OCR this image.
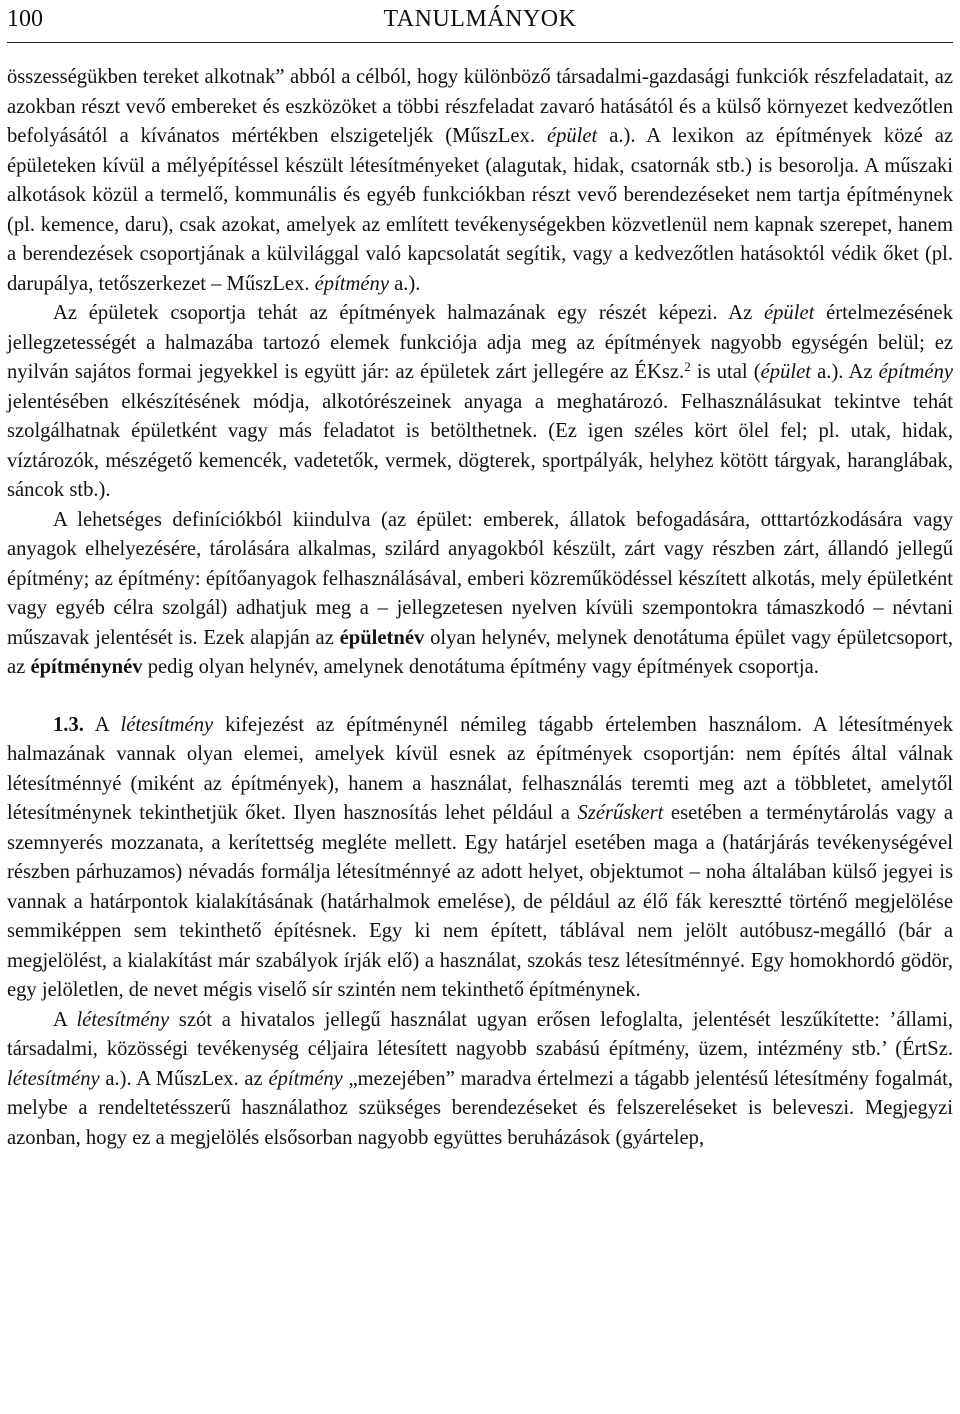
100	TANULMÁNYOK

összességükben tereket alkotnak” abból a célból, hogy különböző társadalmi-gazdasági funkciók részfeladatait, az azokban részt vevő embereket és eszközöket a többi részfeladat zavaró hatásától és a külső környezet kedvezőtlen befolyásától a kívánatos mértékben elszigeteljék (MűszLex. épület a.). A lexikon az építmények közé az épületeken kívül a mélyépítéssel készült létesítményeket (alagutak, hidak, csatornák stb.) is besorolja. A műszaki alkotások közül a termelő, kommunális és egyéb funkciókban részt vevő berendezéseket nem tartja építménynek (pl. kemence, daru), csak azokat, amelyek az említett tevékenységekben közvetlenül nem kapnak szerepet, hanem a berendezések csoportjának a külvilággal való kapcsolatát segítik, vagy a kedvezőtlen hatásoktól védik őket (pl. darupálya, tetőszerkezet – MűszLex. építmény a.).

Az épületek csoportja tehát az építmények halmazának egy részét képezi. Az épület értelmezésének jellegzetességét a halmazába tartozó elemek funkciója adja meg az építmények nagyobb egységén belül; ez nyilván sajátos formai jegyekkel is együtt jár: az épületek zárt jellegére az ÉKsz.$^2$ is utal (épület a.). Az építmény jelentésében elkészítésének módja, alkotórészeinek anyaga a meghatározó. Felhasználásukat tekintve tehát szolgálhatnak épületként vagy más feladatot is betölthetnek. (Ez igen széles kört ölel fel; pl. utak, hidak, víztározók, mészégető kemencék, vadetetők, vermek, dögterek, sportpályák, helyhez kötött tárgyak, haranglábak, sáncok stb.).

A lehetséges definíciókból kiindulva (az épület: emberek, állatok befogadására, otttartózkodására vagy anyagok elhelyezésére, tárolására alkalmas, szilárd anyagokból készült, zárt vagy részben zárt, állandó jellegű építmény; az építmény: építőanyagok felhasználásával, emberi közreműködéssel készített alkotás, mely épületként vagy egyéb célra szolgál) adhatjuk meg a – jellegzetesen nyelven kívüli szempontokra támaszkodó – névtani műszavak jelentését is. Ezek alapján az épületnév olyan helynév, melynek denotátuma épület vagy épületcsoport, az építménynév pedig olyan helynév, amelynek denotátuma építmény vagy építmények csoportja.

1.3. A létesítmény kifejezést az építménynél némileg tágabb értelemben használom. A létesítmények halmazának vannak olyan elemei, amelyek kívül esnek az építmények csoportján: nem építés által válnak létesítménnyé (miként az építmények), hanem a használat, felhasználás teremti meg azt a többletet, amelytől létesítménynek tekinthetjük őket. Ilyen hasznosítás lehet például a Szérűskert esetében a terménytárolás vagy a szemnyerés mozzanata, a kerítettség megléte mellett. Egy határjel esetében maga a (határjárás tevékenységével részben párhuzamos) névadás formálja létesítménnyé az adott helyet, objektumot – noha általában külső jegyei is vannak a határpontok kialakításának (határhalmok emelése), de például az élő fák keresztté történő megjelölése semmiképpen sem tekinthető építésnek. Egy ki nem épített, táblával nem jelölt autóbusz-megálló (bár a megjelölést, a kialakítást már szabályok írják elő) a használat, szokás tesz létesítménnyé. Egy homokhordó gödör, egy jelöletlen, de nevet mégis viselő sír szintén nem tekinthető építménynek.

A létesítmény szót a hivatalos jellegű használat ugyan erősen lefoglalta, jelentését leszűkítette: ’állami, társadalmi, közösségi tevékenység céljaira létesített nagyobb szabású építmény, üzem, intézmény stb.’ (ÉrtSz. létesítmény a.). A MűszLex. az építmény „mezejében” maradva értelmezi a tágabb jelentésű létesítmény fogalmát, melybe a rendeltetésszerű használathoz szükséges berendezéseket és felszereléseket is beleveszi. Megjegyzi azonban, hogy ez a megjelölés elsősorban nagyobb együttes beruházások (gyártelep,
